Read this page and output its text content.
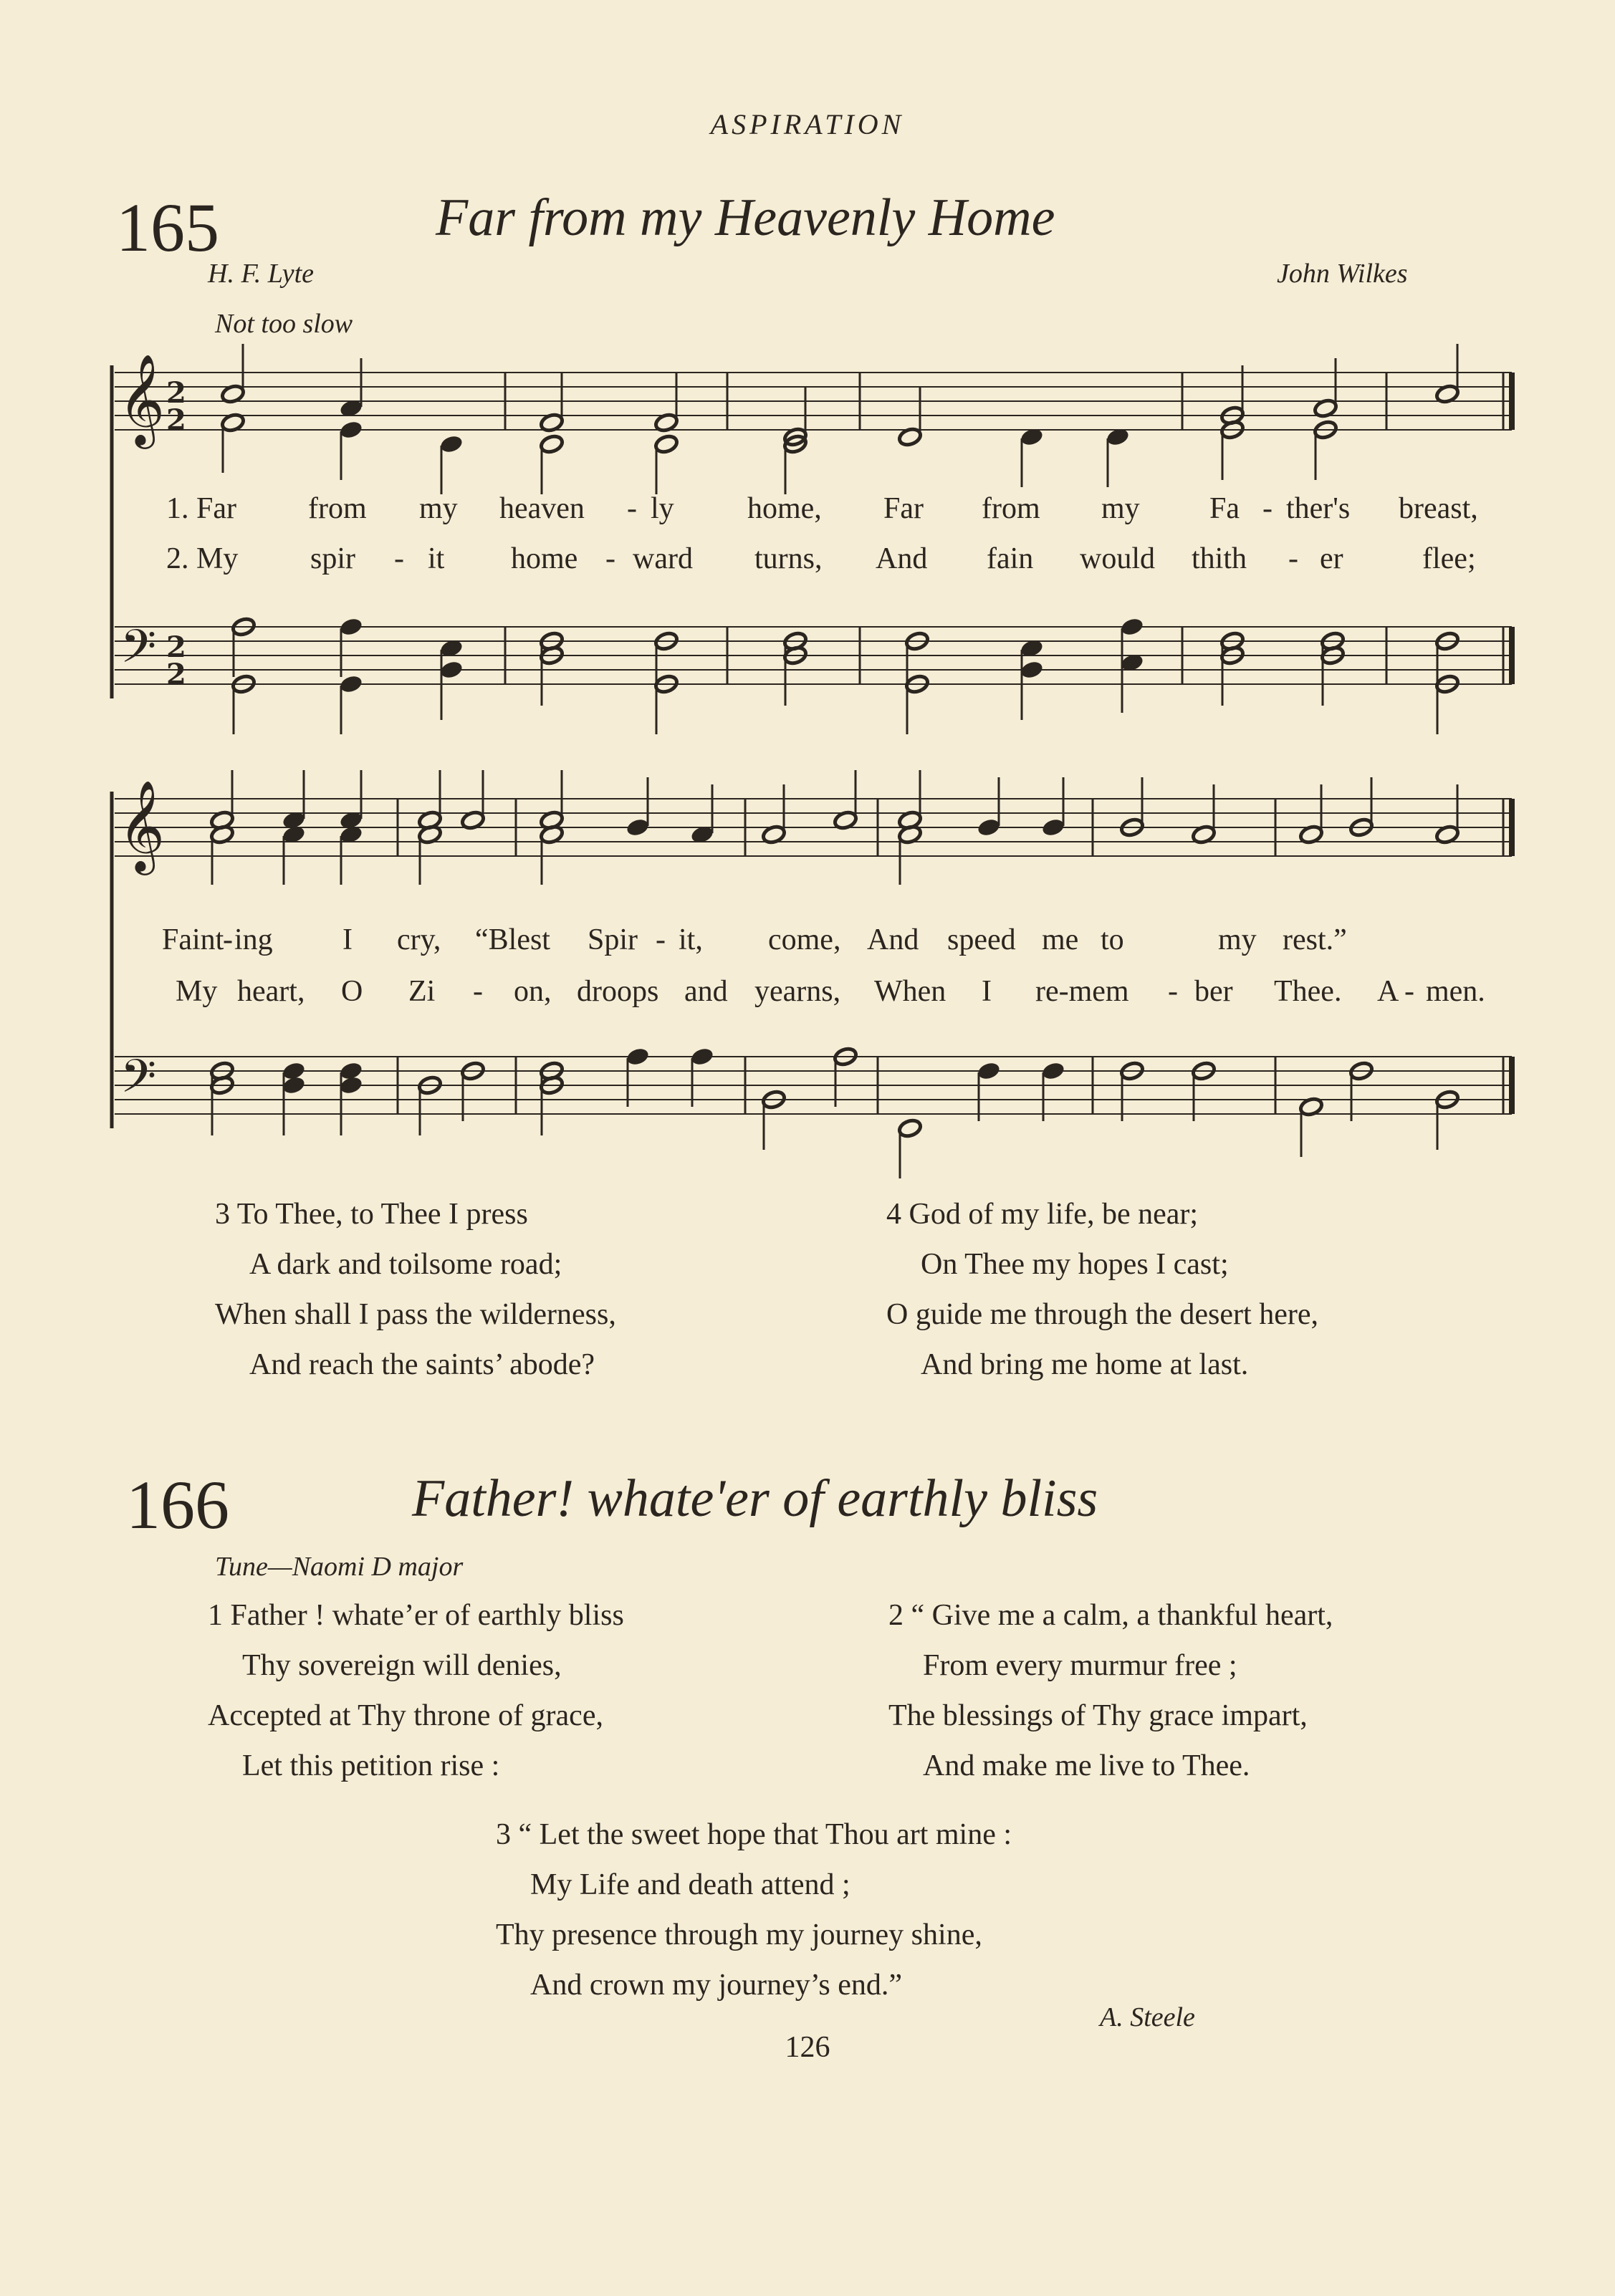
ASPIRATION
165	Far from my Heavenly Home
H. F. Lyte	John Wilkes
Not too slow
𝄞
𝄢
2
2
2
2
𝄞
𝄢
1. Far from my heaven - ly home, Far from my Fa - ther's breast,
2. My spir - it home - ward turns, And fain would thith - er	flee;
Faint
- ing I cry, “Blest Spir - it, come, And speed me to	my rest.”
My heart, O Zi - on, droops and yearns, When I re-mem - ber Thee. A - men.
3 To Thee, to Thee I press
A dark and toilsome road;
When shall I pass the wilderness,
And reach the saints’ abode?
4 God of my life, be near;
On Thee my hopes I cast;
O guide me through the desert here,
And bring me home at last.
166	Father! whate'er of earthly bliss
Tune—Naomi D major
1 Father ! whate’er of earthly bliss
Thy sovereign will denies,
Accepted at Thy throne of grace,
Let this petition rise :
2 “ Give me a calm, a thankful heart,
From every murmur free ;
The blessings of Thy grace impart,
And make me live to Thee.
3 “ Let the sweet hope that Thou art mine :
My Life and death attend ;
Thy presence through my journey shine,
And crown my journey’s end.”
A. Steele
126
